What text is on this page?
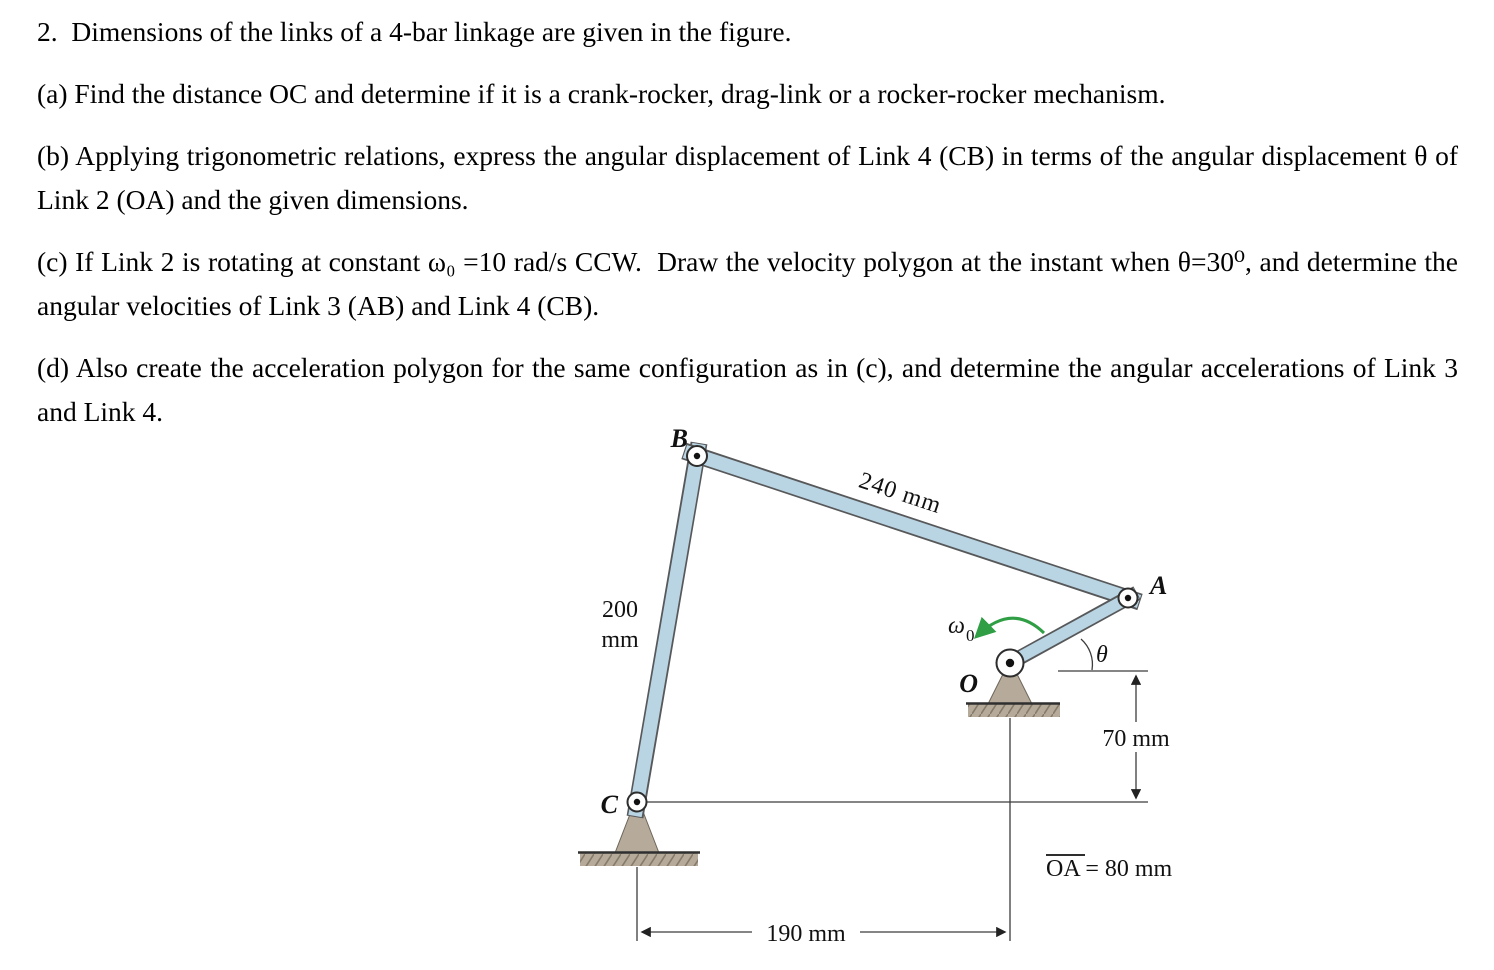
2.  Dimensions of the links of a 4-bar linkage are given in the figure.

(a) Find the distance OC and determine if it is a crank-rocker, drag-link or a rocker-rocker mechanism.

(b) Applying trigonometric relations, express the angular displacement of Link 4 (CB) in terms of the angular displacement θ of Link 2 (OA) and the given dimensions.

(c) If Link 2 is rotating at constant ω₀ =10 rad/s CCW.  Draw the velocity polygon at the instant when θ=30⁰, and determine the angular velocities of Link 3 (AB) and Link 4 (CB).

(d) Also create the acceleration polygon for the same configuration as in (c), and determine the angular accelerations of Link 3 and Link 4.

B
A
O
C
240 mm
200
mm
70 mm
OA = 80 mm
190 mm
ω 0
θ
